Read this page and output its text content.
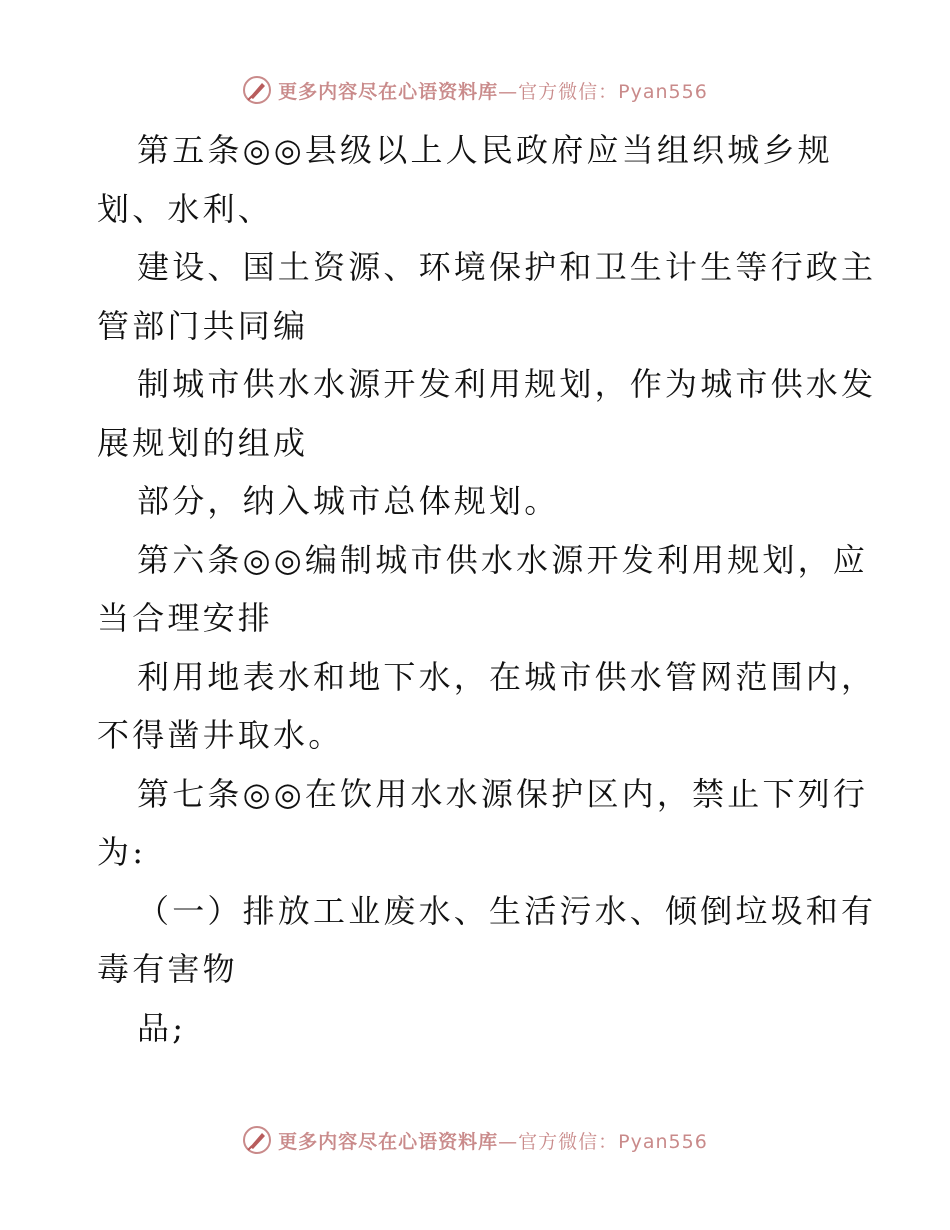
更多内容尽在心语资料库 —官方微信：Pyan556
第五条◎◎县级以上人民政府应当组织城乡规
划、水利、
建设、国土资源、环境保护和卫生计生等行政主
管部门共同编
制城市供水水源开发利用规划，作为城市供水发
展规划的组成
部分，纳入城市总体规划。
第六条◎◎编制城市供水水源开发利用规划，应
当合理安排
利用地表水和地下水，在城市供水管网范围内，
不得凿井取水。
第七条◎◎在饮用水水源保护区内，禁止下列行
为:
（一）排放工业废水、生活污水、倾倒垃圾和有
毒有害物
品;
更多内容尽在心语资料库 —官方微信：Pyan556
